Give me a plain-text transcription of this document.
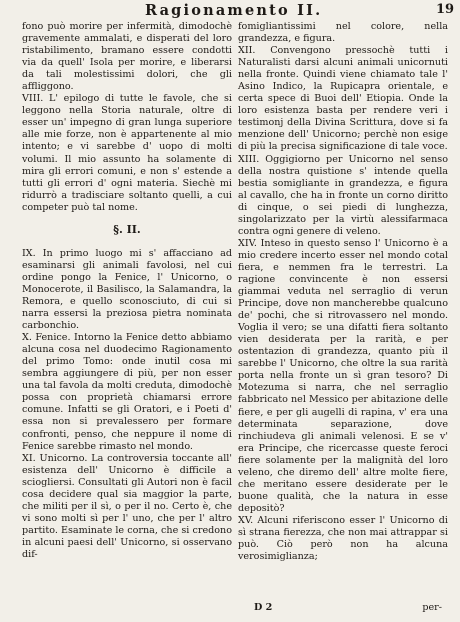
Ragionamento II.	19

fono può morire per infermità, dimodochè gravemente ammalati, e disperati del loro ristabilimento, bramano essere condotti via da quell' Isola per morire, e liberarsi da tali molestissimi dolori, che gli affliggono.

VIII. L' epilogo di tutte le favole, che si leggono nella Storia naturale, oltre di esser un' impegno di gran lunga superiore alle mie forze, non è appartenente al mio intento; e vi sarebbe d' uopo di molti volumi. Il mio assunto ha solamente di mira gli errori comuni, e non s' estende a tutti gli errori d' ogni materia. Siechè mi ridurrò a tradisciare soltanto quelli, a cui competer può tal nome.

§. II.

IX. In primo luogo mi s' affacciano ad esaminarsi gli animali favolosi, nel cui ordine pongo la Fenice, l' Unicorno, o Monocerote, il Basilisco, la Salamandra, la Remora, e quello sconosciuto, di cui si narra essersi la preziosa pietra nominata carbonchio.

X. Fenice. Intorno la Fenice detto abbiamo alcuna cosa nel duodecimo Ragionamento del primo Tomo: onde inutil cosa mi sembra aggiungere di più, per non esser una tal favola da molti creduta, dimodochè possa con proprietà chiamarsi errore comune. Infatti se gli Oratori, e i Poeti d' essa non si prevalessero per formare confronti, penso, che neppure il nome di Fenice sarebbe rimasto nel mondo.

XI. Unicorno. La controversia toccante all' esistenza dell' Unicorno è difficile a sciogliersi. Consultati gli Autori non è facil cosa decidere qual sia maggior la parte, che militi per il sì, o per il no. Certo è, che vi sono molti sì per l' uno, che per l' altro partito. Esaminate le corna, che si credono in alcuni paesi dell' Unicorno, si osservano dif-

fomigliantissimi nel colore, nella grandezza, e figura.

XII. Convengono pressochè tutti i Naturalisti darsi alcuni animali unicornuti nella fronte. Quindi viene chiamato tale l' Asino Indico, la Rupicapra orientale, e certa spece di Buoi dell' Etiopia. Onde la loro esistenza basta per rendere veri i testimonj della Divina Scrittura, dove si fa menzione dell' Unicorno; perchè non esige di più la precisa significazione di tale voce.

XIII. Oggigiorno per Unicorno nel senso della nostra quistione s' intende quella bestia somigliante in grandezza, e figura al cavallo, che ha in fronte un corno diritto di cinque, o sei piedi di lunghezza, singolarizzato per la virtù alessifarmaca contra ogni genere di veleno.

XIV. Inteso in questo senso l' Unicorno è a mio credere incerto esser nel mondo cotal fiera, e nemmen fra le terrestri. La ragione convincente è non essersi giammai veduta nel serraglio di verun Principe, dove non mancherebbe qualcuno de' pochi, che si ritrovassero nel mondo. Voglia il vero; se una difatti fiera soltanto vien desiderata per la rarità, e per ostentazion di grandezza, quanto più il sarebbe l' Unicorno, che oltre la sua rarità porta nella fronte un sì gran tesoro? Di Motezuma si narra, che nel serraglio fabbricato nel Messico per abitazione delle fiere, e per gli augelli di rapina, v' era una determinata separazione, dove rinchiudeva gli animali velenosi. E se v' era Principe, che ricercasse queste feroci fiere solamente per la malignità del loro veleno, che diremo dell' altre molte fiere, che meritano essere desiderate per le buone qualità, che la natura in esse depositò?

XV. Alcuni riferiscono esser l' Unicorno di sì strana fierezza, che non mai attrappar si può. Ciò però non ha alcuna verosimiglianza;

D 2	per-
